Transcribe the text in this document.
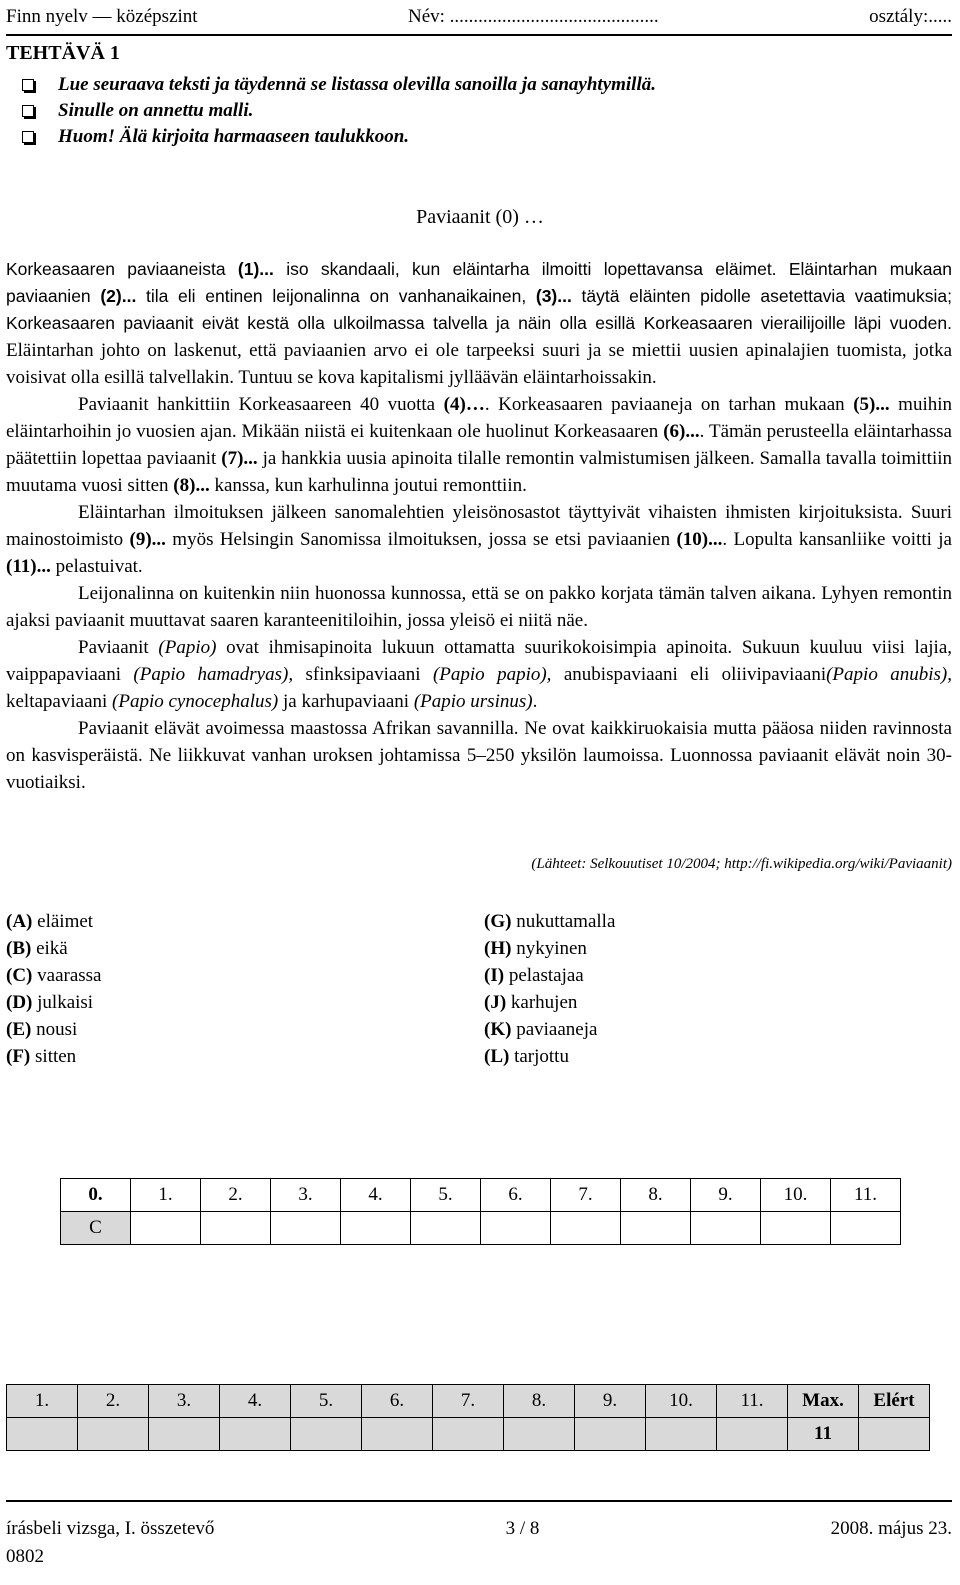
Finn nyelv — középszint	Név: ............................................	osztály:.....
TEHTÄVÄ 1
Lue seuraava teksti ja täydennä se listassa olevilla sanoilla ja sanayhtymillä.
Sinulle on annettu malli.
Huom! Älä kirjoita harmaaseen taulukkoon.
Paviaanit (0) …

Korkeasaaren paviaaneista (1)... iso skandaali, kun eläintarha ilmoitti lopettavansa eläimet. Eläintarhan mukaan paviaanien (2)... tila eli entinen leijonalinna on vanhanaikainen, (3)... täytä eläinten pidolle asetettavia vaatimuksia; Korkeasaaren paviaanit eivät kestä olla ulkoilmassa talvella ja näin olla esillä Korkeasaaren vierailijoille läpi vuoden. Eläintarhan johto on laskenut, että paviaanien arvo ei ole tarpeeksi suuri ja se miettii uusien apinalajien tuomista, jotka voisivat olla esillä talvellakin. Tuntuu se kova kapitalismi jylläävän eläintarhoissakin.

Paviaanit hankittiin Korkeasaareen 40 vuotta (4)…. Korkeasaaren paviaaneja on tarhan mukaan (5)... muihin eläintarhoihin jo vuosien ajan. Mikään niistä ei kuitenkaan ole huolinut Korkeasaaren (6).... Tämän perusteella eläintarhassa päätettiin lopettaa paviaanit (7)... ja hankkia uusia apinoita tilalle remontin valmistumisen jälkeen. Samalla tavalla toimittiin muutama vuosi sitten (8)... kanssa, kun karhulinna joutui remonttiin.

Eläintarhan ilmoituksen jälkeen sanomalehtien yleisönosastot täyttyivät vihaisten ihmisten kirjoituksista. Suuri mainostoimisto (9)... myös Helsingin Sanomissa ilmoituksen, jossa se etsi paviaanien (10).... Lopulta kansanliike voitti ja (11)... pelastuivat.

Leijonalinna on kuitenkin niin huonossa kunnossa, että se on pakko korjata tämän talven aikana. Lyhyen remontin ajaksi paviaanit muuttavat saaren karanteenitiloihin, jossa yleisö ei niitä näe.

Paviaanit (Papio) ovat ihmisapinoita lukuun ottamatta suurikokoisimpia apinoita. Sukuun kuuluu viisi lajia, vaippapaviaani (Papio hamadryas), sfinksipaviaani (Papio papio), anubispaviaani eli oliivipaviaani(Papio anubis), keltapaviaani (Papio cynocephalus) ja karhupaviaani (Papio ursinus).

Paviaanit elävät avoimessa maastossa Afrikan savannilla. Ne ovat kaikkiruokaisia mutta pääosa niiden ravinnosta on kasvisperäistä. Ne liikkuvat vanhan uroksen johtamissa 5–250 yksilön laumoissa. Luonnossa paviaanit elävät noin 30-vuotiaiksi.

(Lähteet: Selkouutiset 10/2004; http://fi.wikipedia.org/wiki/Paviaanit)
(A) eläimet
(B) eikä
(C) vaarassa
(D) julkaisi
(E) nousi
(F) sitten
(G) nukuttamalla
(H) nykyinen
(I) pelastajaa
(J) karhujen
(K) paviaaneja
(L) tarjottu
0.	1.	2.	3.	4.	5.	6.	7.	8.	9.	10.	11.
C											
1.	2.	3.	4.	5.	6.	7.	8.	9.	10.	11.	Max.	Elért
											11	
írásbeli vizsga, I. összetevő	3 / 8	2008. május 23.
0802
